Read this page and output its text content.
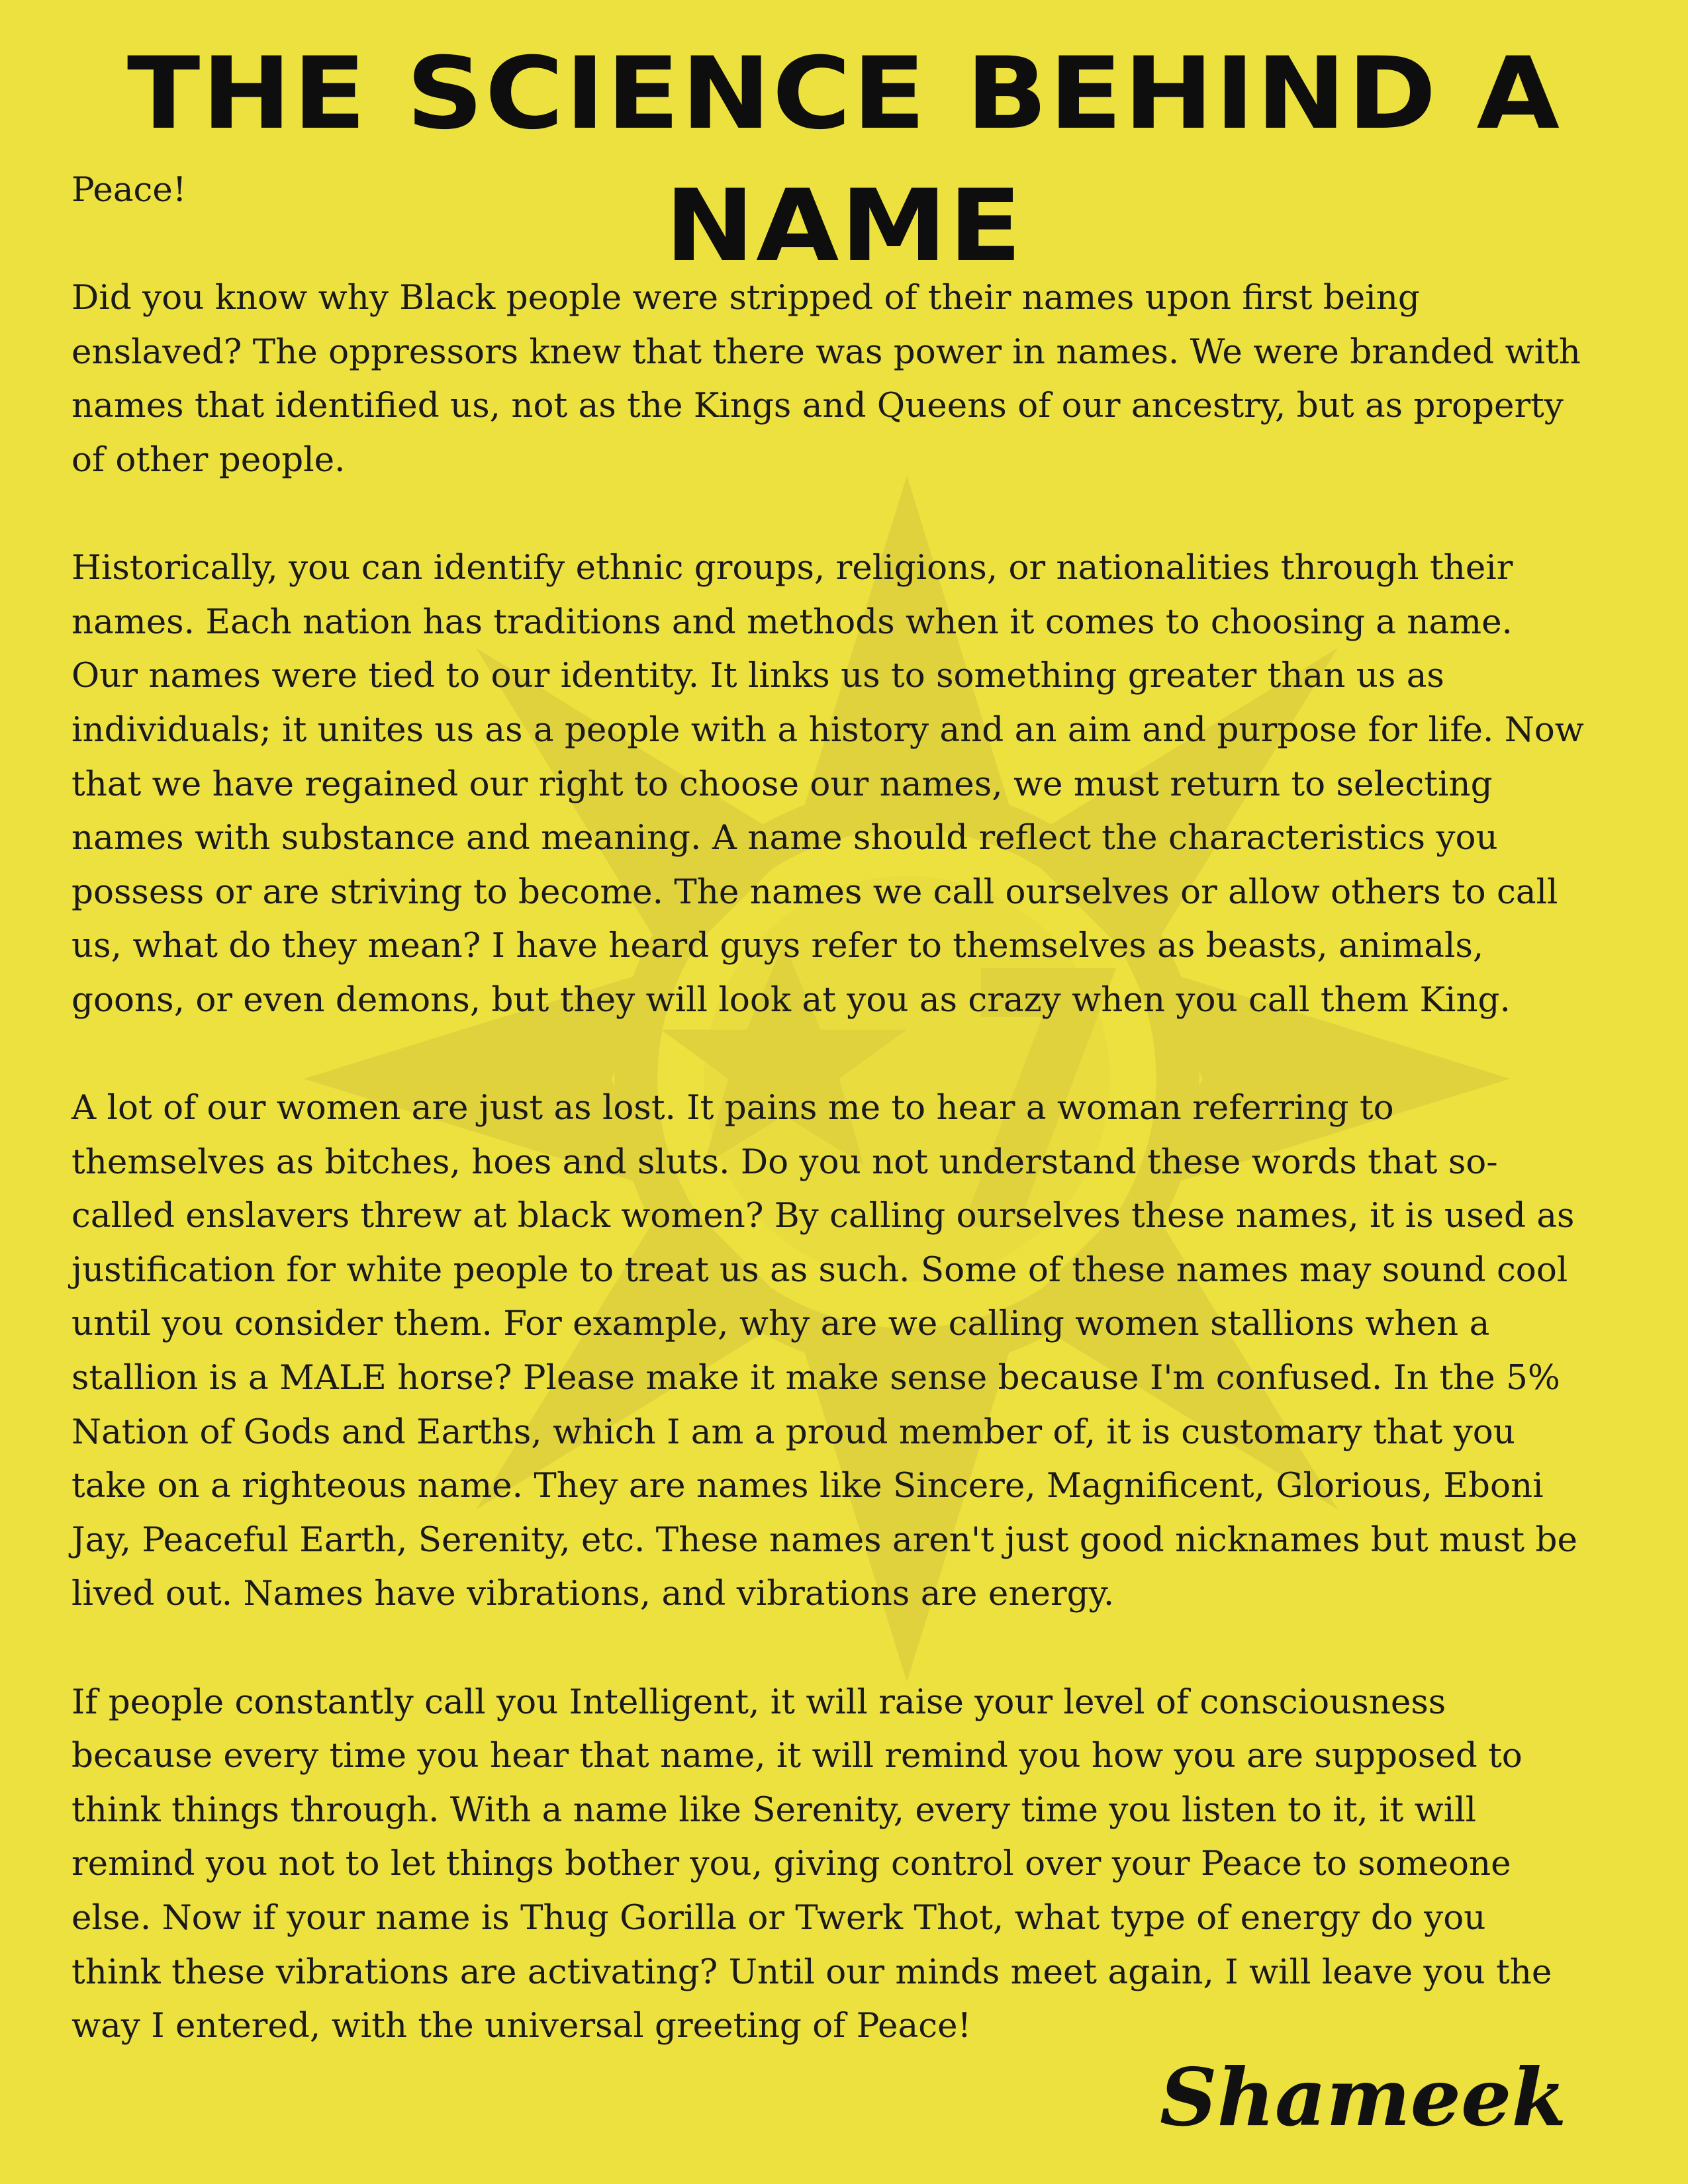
THE SCIENCE BEHIND A NAME

Peace!

Did you know why Black people were stripped of their names upon first being
enslaved? The oppressors knew that there was power in names. We were branded with
names that identified us, not as the Kings and Queens of our ancestry, but as property
of other people.

Historically, you can identify ethnic groups, religions, or nationalities through their
names. Each nation has traditions and methods when it comes to choosing a name.
Our names were tied to our identity. It links us to something greater than us as
individuals; it unites us as a people with a history and an aim and purpose for life. Now
that we have regained our right to choose our names, we must return to selecting
names with substance and meaning. A name should reflect the characteristics you
possess or are striving to become. The names we call ourselves or allow others to call
us, what do they mean? I have heard guys refer to themselves as beasts, animals,
goons, or even demons, but they will look at you as crazy when you call them King.

A lot of our women are just as lost. It pains me to hear a woman referring to
themselves as bitches, hoes and sluts. Do you not understand these words that so-
called enslavers threw at black women? By calling ourselves these names, it is used as
justification for white people to treat us as such. Some of these names may sound cool
until you consider them. For example, why are we calling women stallions when a
stallion is a MALE horse? Please make it make sense because I'm confused. In the 5%
Nation of Gods and Earths, which I am a proud member of, it is customary that you
take on a righteous name. They are names like Sincere, Magnificent, Glorious, Eboni
Jay, Peaceful Earth, Serenity, etc. These names aren't just good nicknames but must be
lived out. Names have vibrations, and vibrations are energy.

If people constantly call you Intelligent, it will raise your level of consciousness
because every time you hear that name, it will remind you how you are supposed to
think things through. With a name like Serenity, every time you listen to it, it will
remind you not to let things bother you, giving control over your Peace to someone
else. Now if your name is Thug Gorilla or Twerk Thot, what type of energy do you
think these vibrations are activating? Until our minds meet again, I will leave you the
way I entered, with the universal greeting of Peace!

Shameek
